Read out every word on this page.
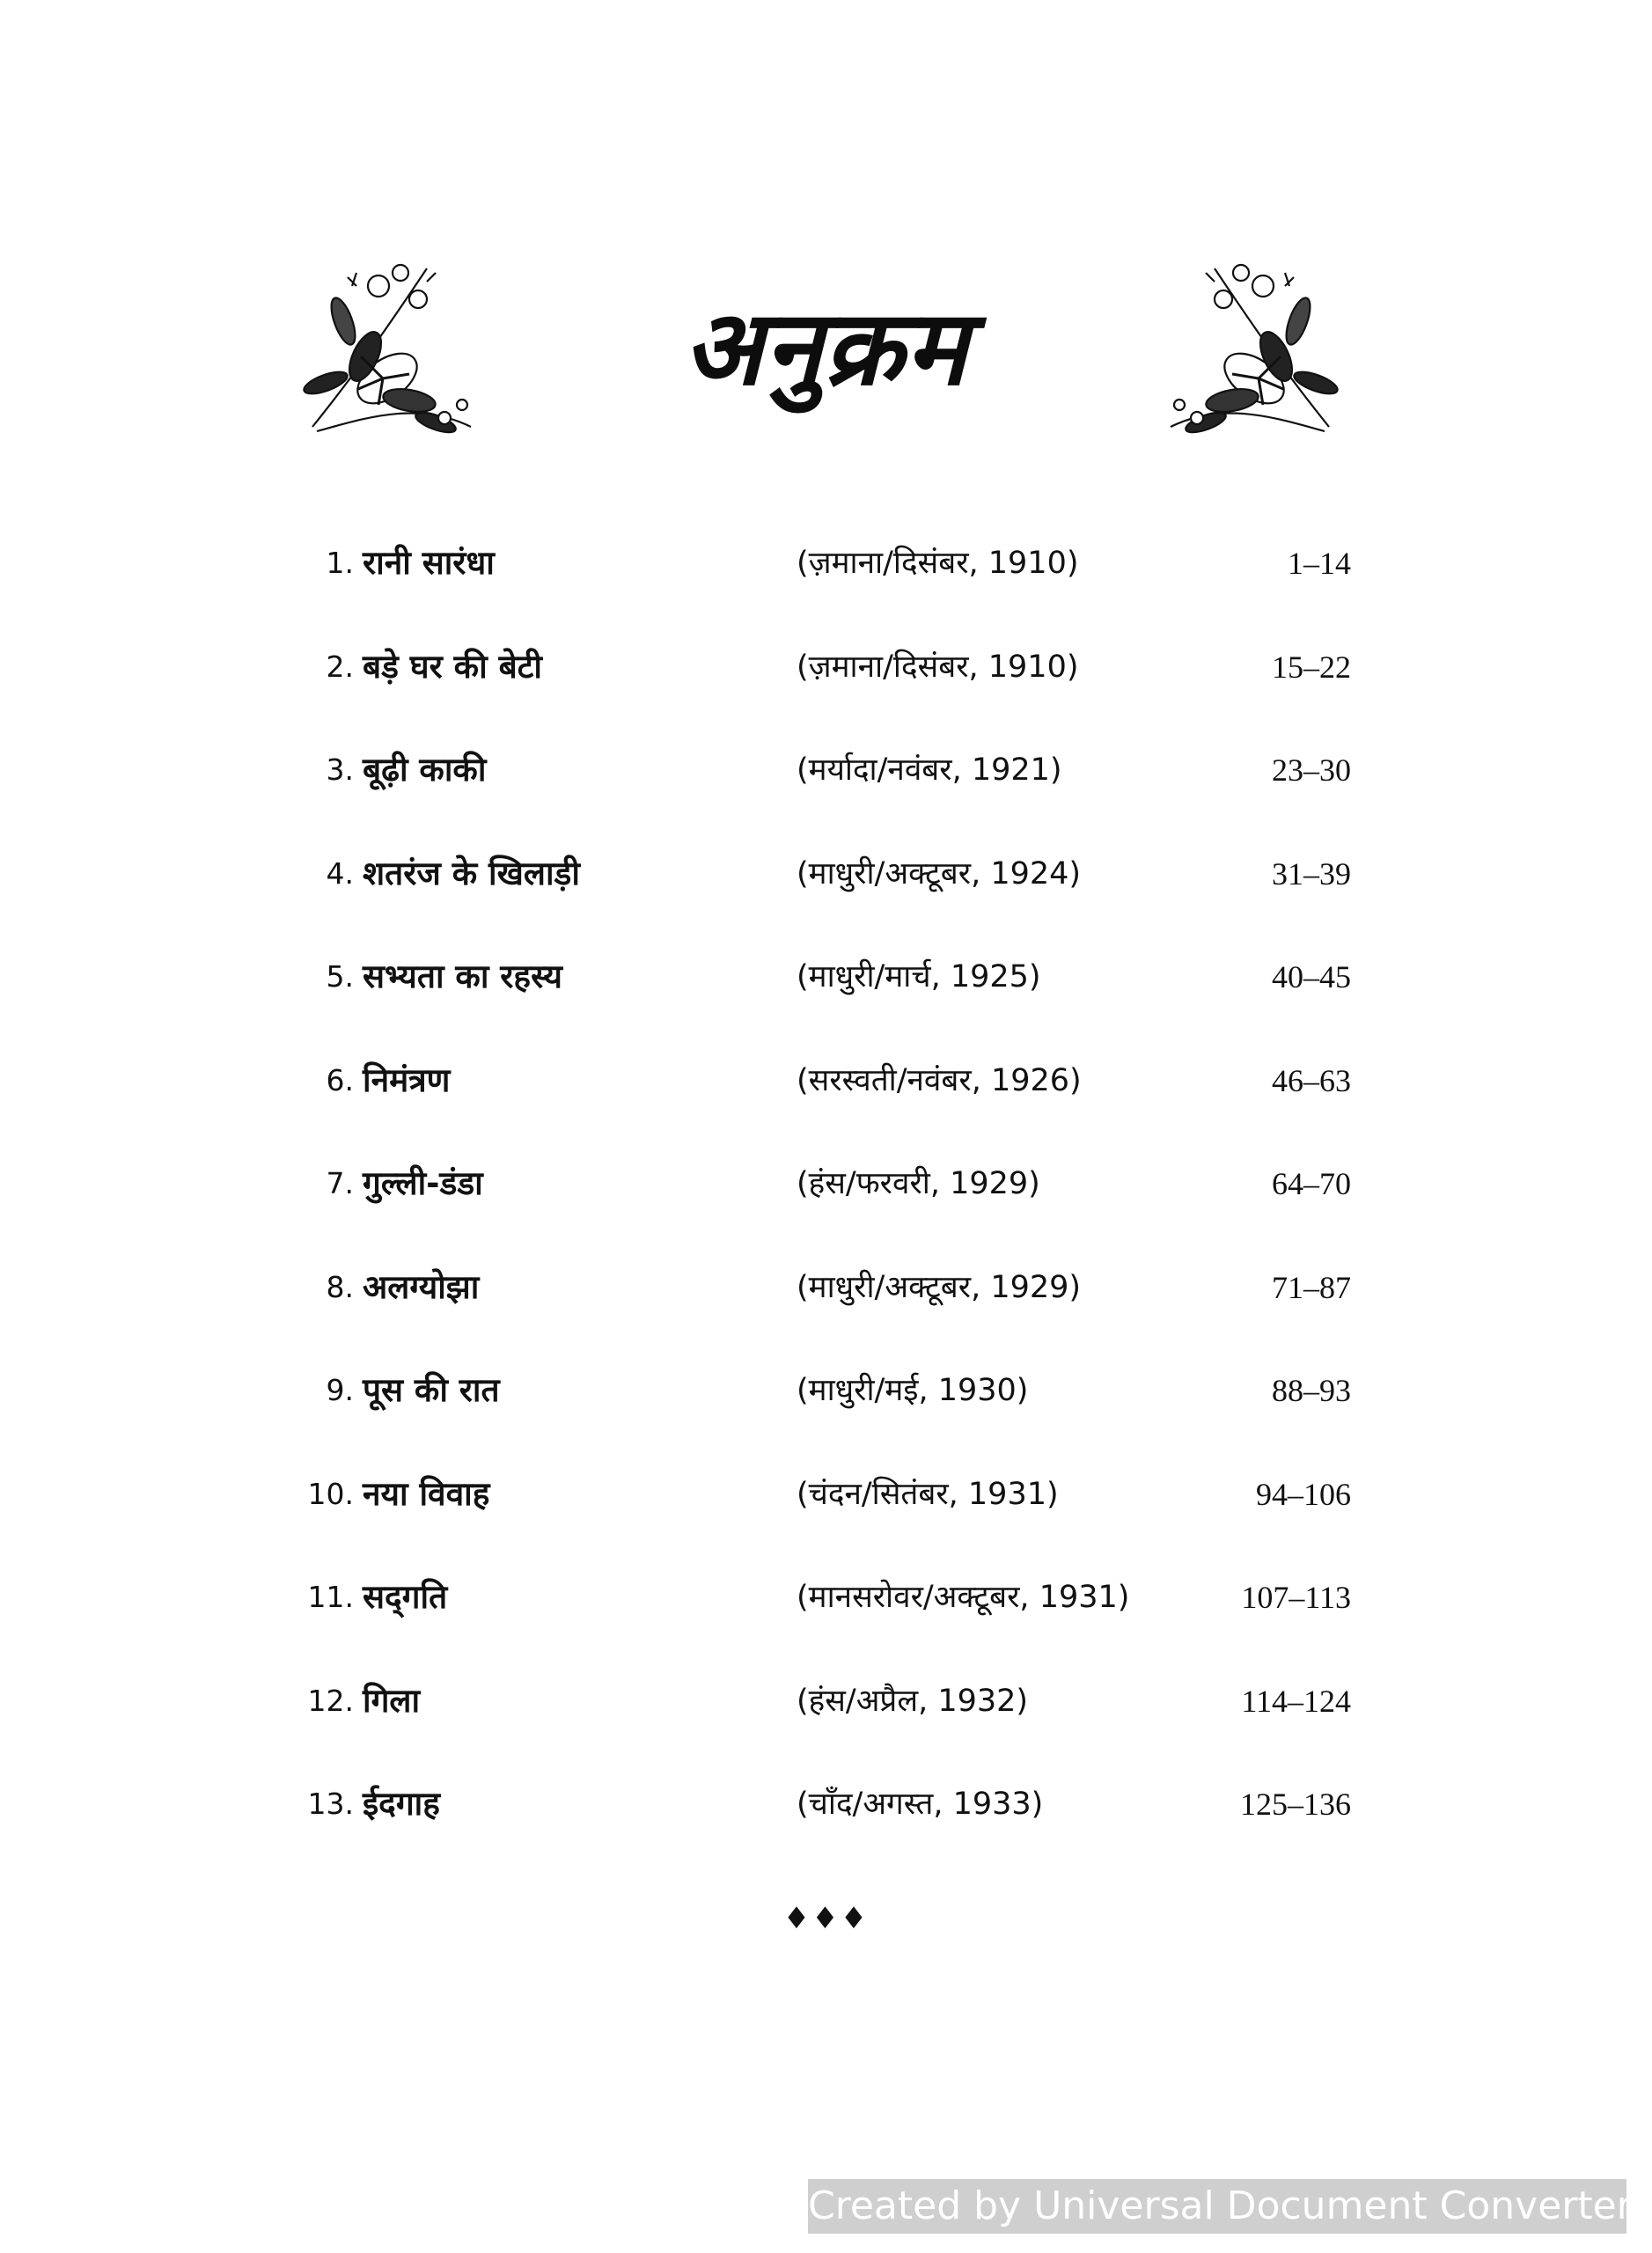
अनुक्रम
1. रानी सारंधा	(ज़माना/दिसंबर, 1910)	1–14
2. बड़े घर की बेटी	(ज़माना/दिसंबर, 1910)	15–22
3. बूढ़ी काकी	(मर्यादा/नवंबर, 1921)	23–30
4. शतरंज के खिलाड़ी	(माधुरी/अक्टूबर, 1924)	31–39
5. सभ्यता का रहस्य	(माधुरी/मार्च, 1925)	40–45
6. निमंत्रण	(सरस्वती/नवंबर, 1926)	46–63
7. गुल्ली-डंडा	(हंस/फरवरी, 1929)	64–70
8. अलग्योझा	(माधुरी/अक्टूबर, 1929)	71–87
9. पूस की रात	(माधुरी/मई, 1930)	88–93
10. नया विवाह	(चंदन/सितंबर, 1931)	94–106
11. सद्‌गति	(मानसरोवर/अक्टूबर, 1931)	107–113
12. गिला	(हंस/अप्रैल, 1932)	114–124
13. ईदगाह	(चाँद/अगस्त, 1933)	125–136
♦♦♦
Created by Universal Document Converter
